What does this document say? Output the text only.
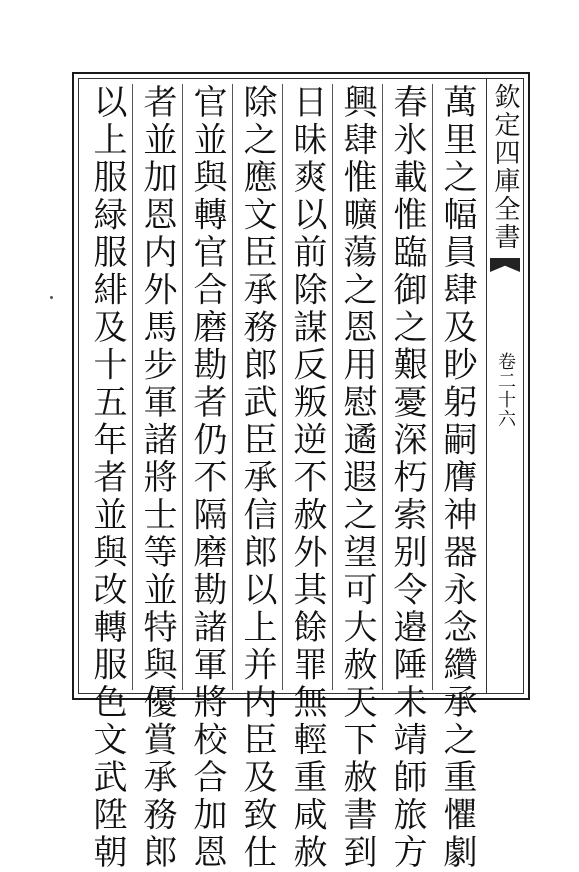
欽定四庫全書
卷二十六
萬里之幅員肆及眇躬嗣膺神器永念纘承之重懼劇
春氷載惟臨御之艱憂深朽索别令邉陲未靖師旅方
興肆惟曠蕩之恩用慰遹遐之望可大赦天下赦書到
日昧爽以前除謀反叛逆不赦外其餘罪無輕重咸赦
除之應文臣承務郎武臣承信郎以上并内臣及致仕
官並與轉官合磨勘者仍不隔磨勘諸軍將校合加恩
者並加恩内外馬步軍諸將士等並特與優賞承務郎
以上服緑服緋及十五年者並與改轉服色文武陞朝
